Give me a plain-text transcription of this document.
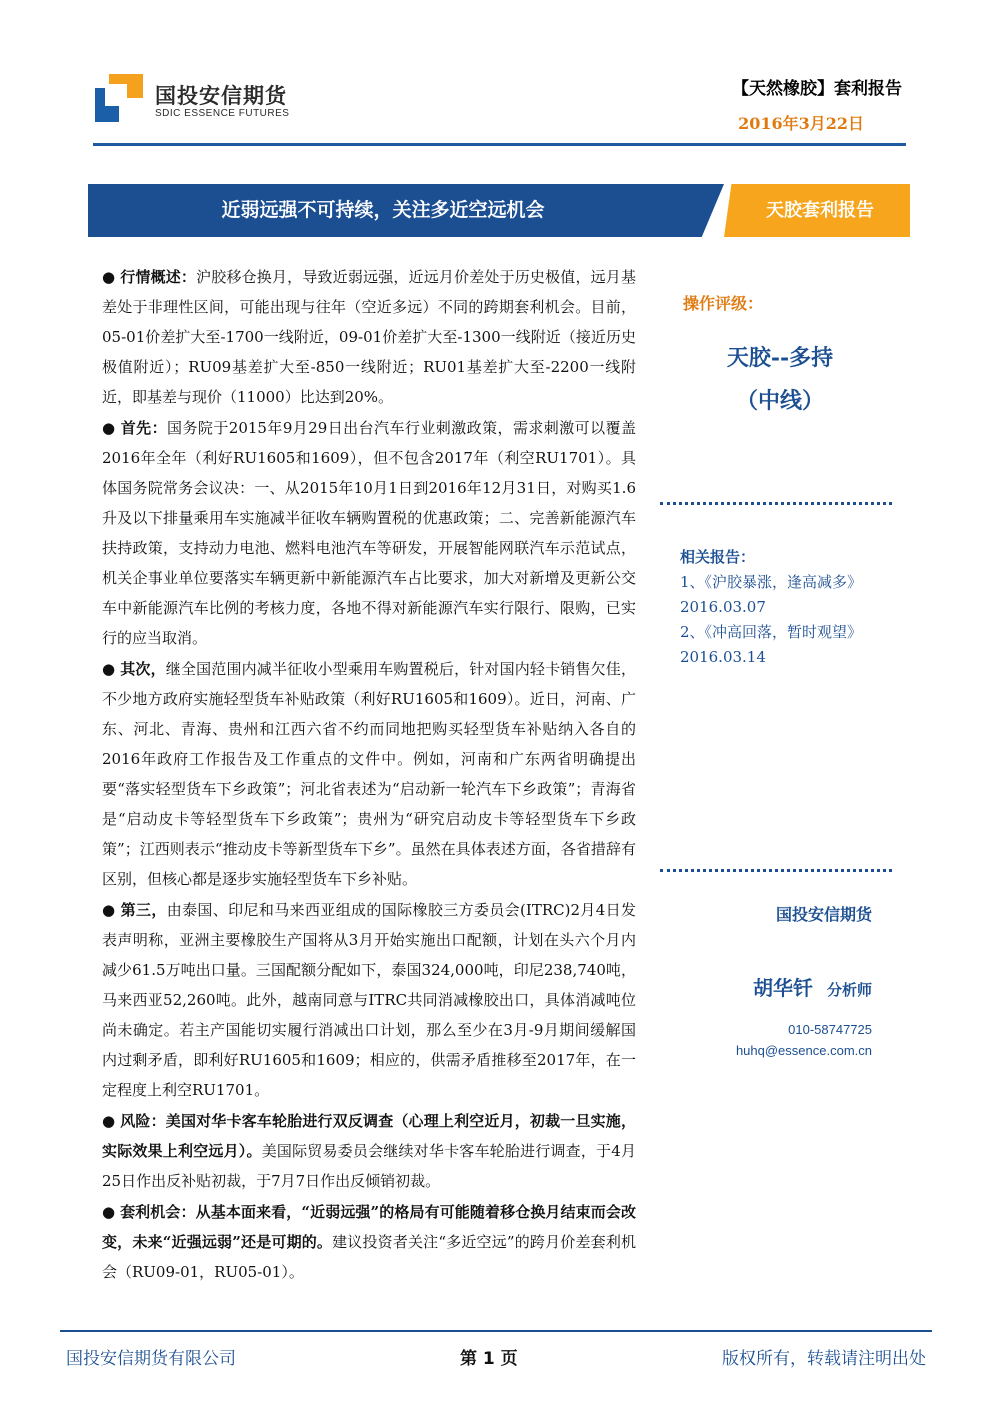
国投安信期货
SDIC ESSENCE FUTURES
【天然橡胶】套利报告
2016年3月22日
近弱远强不可持续，关注多近空远机会	天胶套利报告

● 行情概述：沪胶移仓换月，导致近弱远强，近远月价差处于历史极值，远月基差处于非理性区间，可能出现与往年（空近多远）不同的跨期套利机会。目前，05-01价差扩大至-1700一线附近，09-01价差扩大至-1300一线附近（接近历史极值附近）；RU09基差扩大至-850一线附近；RU01基差扩大至-2200一线附近，即基差与现价（11000）比达到20%。

● 首先：国务院于2015年9月29日出台汽车行业刺激政策，需求刺激可以覆盖2016年全年（利好RU1605和1609），但不包含2017年（利空RU1701）。具体国务院常务会议决：一、从2015年10月1日到2016年12月31日，对购买1.6升及以下排量乘用车实施减半征收车辆购置税的优惠政策；二、完善新能源汽车扶持政策，支持动力电池、燃料电池汽车等研发，开展智能网联汽车示范试点，机关企事业单位要落实车辆更新中新能源汽车占比要求，加大对新增及更新公交车中新能源汽车比例的考核力度，各地不得对新能源汽车实行限行、限购，已实行的应当取消。

● 其次，继全国范围内减半征收小型乘用车购置税后，针对国内轻卡销售欠佳，不少地方政府实施轻型货车补贴政策（利好RU1605和1609）。近日，河南、广东、河北、青海、贵州和江西六省不约而同地把购买轻型货车补贴纳入各自的2016年政府工作报告及工作重点的文件中。例如，河南和广东两省明确提出要“落实轻型货车下乡政策”；河北省表述为“启动新一轮汽车下乡政策”；青海省是“启动皮卡等轻型货车下乡政策”；贵州为“研究启动皮卡等轻型货车下乡政策”；江西则表示“推动皮卡等新型货车下乡”。虽然在具体表述方面，各省措辞有区别，但核心都是逐步实施轻型货车下乡补贴。

● 第三，由泰国、印尼和马来西亚组成的国际橡胶三方委员会(ITRC)2月4日发表声明称，亚洲主要橡胶生产国将从3月开始实施出口配额，计划在头六个月内减少61.5万吨出口量。三国配额分配如下，泰国324,000吨，印尼238,740吨，马来西亚52,260吨。此外，越南同意与ITRC共同消减橡胶出口，具体消减吨位尚未确定。若主产国能切实履行消减出口计划，那么至少在3月-9月期间缓解国内过剩矛盾，即利好RU1605和1609；相应的，供需矛盾推移至2017年，在一定程度上利空RU1701。

● 风险：美国对华卡客车轮胎进行双反调查（心理上利空近月，初裁一旦实施，实际效果上利空远月）。美国际贸易委员会继续对华卡客车轮胎进行调查，于4月25日作出反补贴初裁，于7月7日作出反倾销初裁。

● 套利机会：从基本面来看，“近弱远强”的格局有可能随着移仓换月结束而会改变，未来“近强远弱”还是可期的。建议投资者关注“多近空远”的跨月价差套利机会（RU09-01，RU05-01）。

操作评级：
天胶--多持
（中线）
相关报告：
1、《沪胶暴涨，逢高减多》2016.03.07
2、《冲高回落，暂时观望》2016.03.14
国投安信期货
胡华钎 分析师
010-58747725
huhq@essence.com.cn
国投安信期货有限公司	第 1 页	版权所有，转载请注明出处
